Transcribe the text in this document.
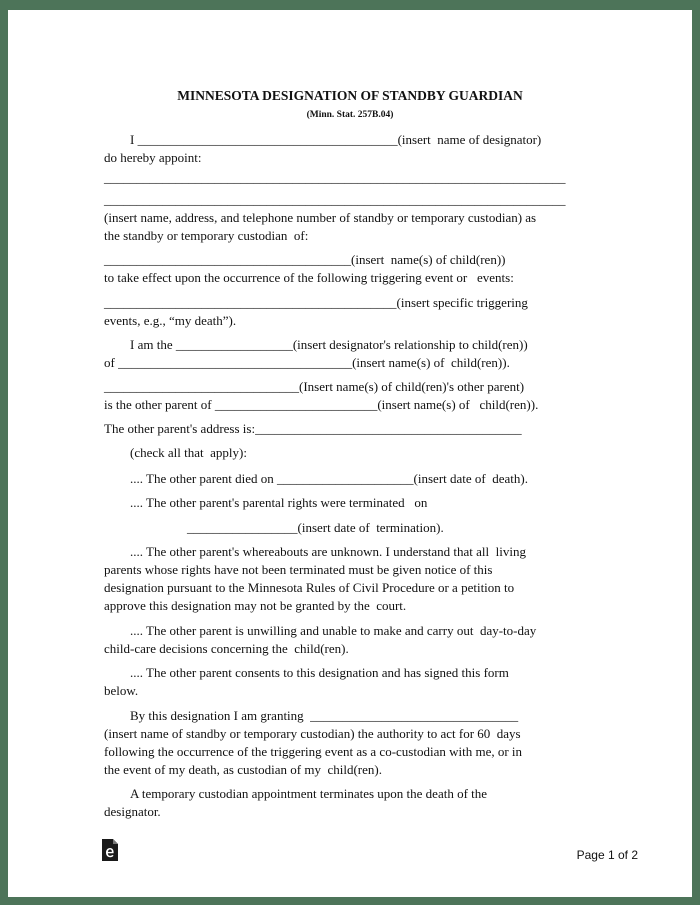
MINNESOTA DESIGNATION OF STANDBY GUARDIAN

(Minn. Stat. 257B.04)

I ________________________________________(insert  name of designator)

do hereby appoint:

_______________________________________________________________________

_______________________________________________________________________

(insert name, address, and telephone number of standby or temporary custodian) as

the standby or temporary custodian  of:

______________________________________(insert  name(s) of child(ren))

to take effect upon the occurrence of the following triggering event or   events:

_____________________________________________(insert specific triggering

events, e.g., “my death”).

I am the __________________(insert designator's relationship to child(ren))

of ____________________________________(insert name(s) of  child(ren)).

______________________________(Insert name(s) of child(ren)'s other parent)

is the other parent of _________________________(insert name(s) of   child(ren)).

The other parent's address is:_________________________________________

(check all that  apply):

.... The other parent died on _____________________(insert date of  death).

.... The other parent's parental rights were terminated   on

_________________(insert date of  termination).

.... The other parent's whereabouts are unknown. I understand that all  living

parents whose rights have not been terminated must be given notice of this

designation pursuant to the Minnesota Rules of Civil Procedure or a petition to

approve this designation may not be granted by the  court.

.... The other parent is unwilling and unable to make and carry out  day-to-day

child-care decisions concerning the  child(ren).

.... The other parent consents to this designation and has signed this form

below.

By this designation I am granting  ________________________________

(insert name of standby or temporary custodian) the authority to act for 60  days

following the occurrence of the triggering event as a co-custodian with me, or in

the event of my death, as custodian of my  child(ren).

A temporary custodian appointment terminates upon the death of the

designator.

Page 1 of 2
